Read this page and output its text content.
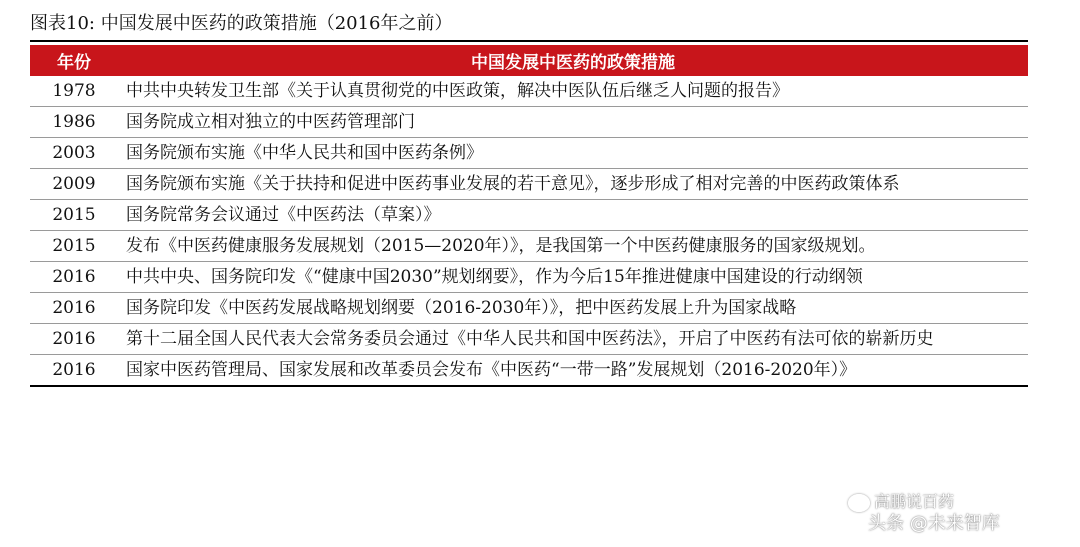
图表10: 中国发展中医药的政策措施（2016年之前）
年份	中国发展中医药的政策措施
1978	中共中央转发卫生部《关于认真贯彻党的中医政策，解决中医队伍后继乏人问题的报告》
1986	国务院成立相对独立的中医药管理部门
2003	国务院颁布实施《中华人民共和国中医药条例》
2009	国务院颁布实施《关于扶持和促进中医药事业发展的若干意见》，逐步形成了相对完善的中医药政策体系
2015	国务院常务会议通过《中医药法（草案）》
2015	发布《中医药健康服务发展规划（2015—2020年）》，是我国第一个中医药健康服务的国家级规划。
2016	中共中央、国务院印发《“健康中国2030”规划纲要》，作为今后15年推进健康中国建设的行动纲领
2016	国务院印发《中医药发展战略规划纲要（2016-2030年）》，把中医药发展上升为国家战略
2016	第十二届全国人民代表大会常务委员会通过《中华人民共和国中医药法》，开启了中医药有法可依的崭新历史
2016	国家中医药管理局、国家发展和改革委员会发布《中医药“一带一路”发展规划（2016-2020年）》
高鹏说百药
头条 @未来智库
